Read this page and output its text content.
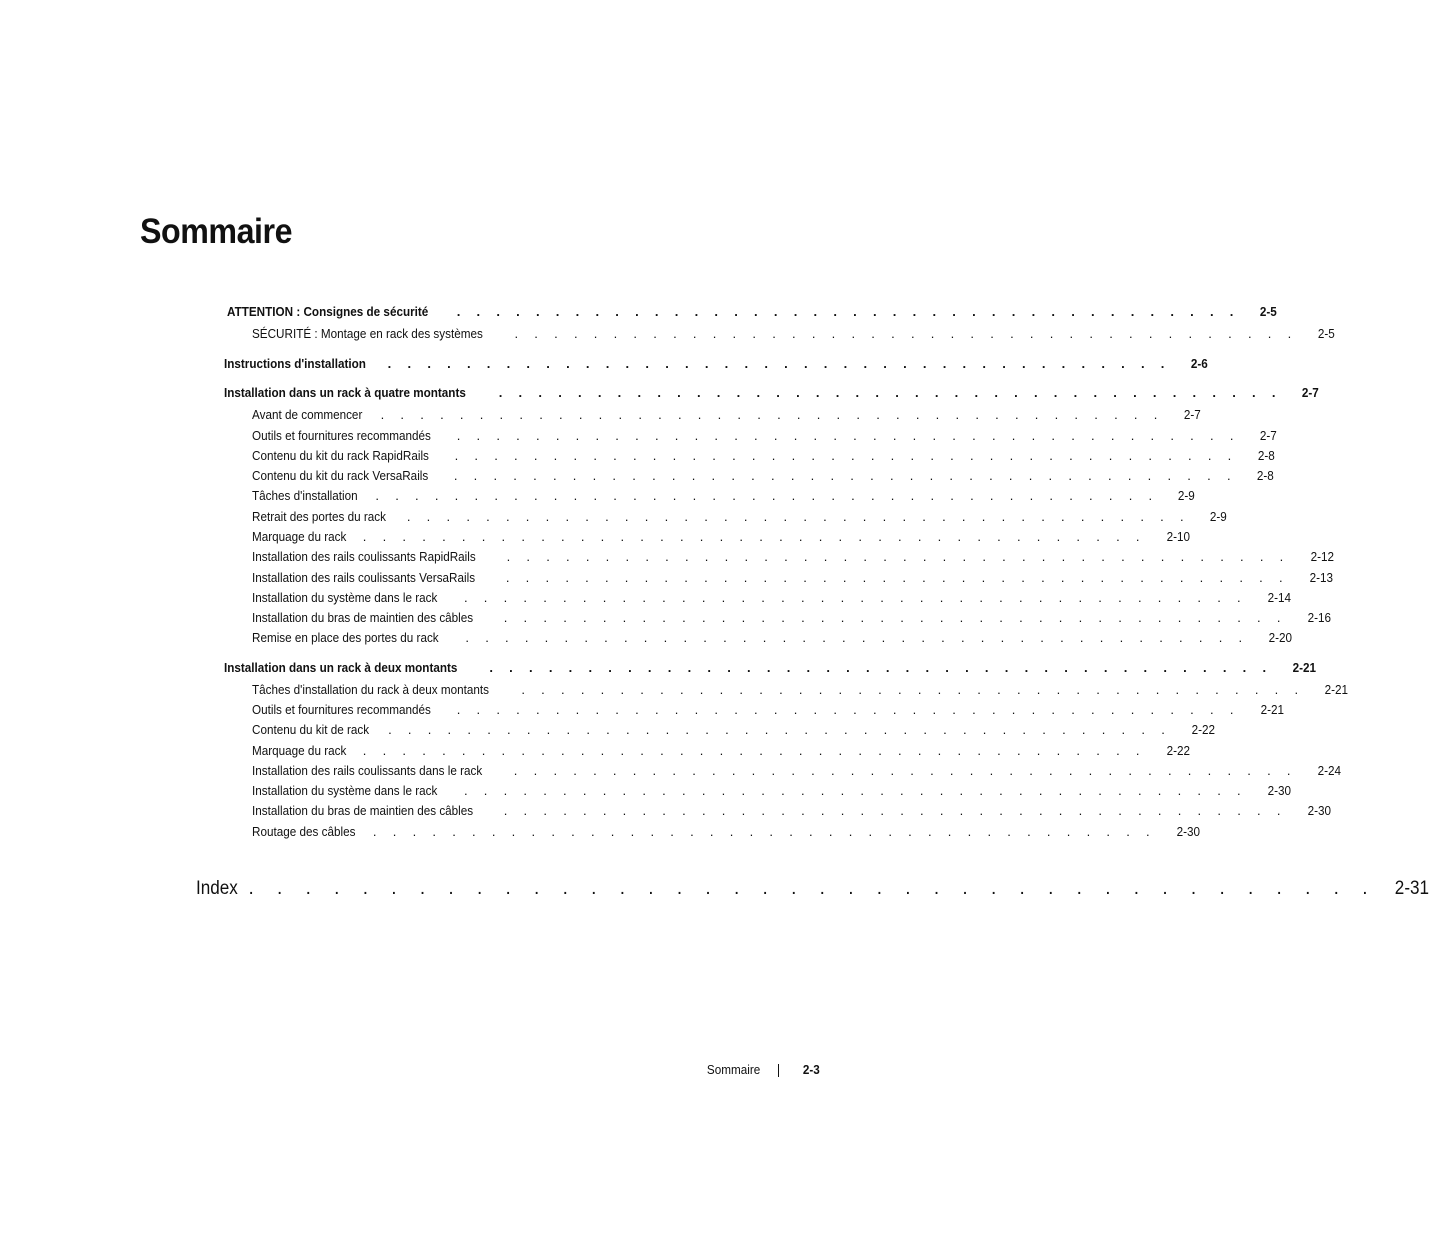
Sommaire
ATTENTION : Consignes de sécurité . . . . . . . . . . . . . . . . . . . . . . . . . . . . . . . . . . . . . . . . 2-5
SÉCURITÉ : Montage en rack des systèmes . . . . . . . . . . . . . . . . . . . . . . . . . . . . . . . . . . . . . . . . 2-5
Instructions d'installation . . . . . . . . . . . . . . . . . . . . . . . . . . . . . . . . . . . . . . . . 2-6
Installation dans un rack à quatre montants	. . . . . . . . . . . . . . . . . . . . . . . . . . . . . . . . . . . . . . . . 2-7
Avant de commencer . . . . . . . . . . . . . . . . . . . . . . . . . . . . . . . . . . . . . . . . 2-7
Outils et fournitures recommandés . . . . . . . . . . . . . . . . . . . . . . . . . . . . . . . . . . . . . . . . 2-7
Contenu du kit du rack RapidRails . . . . . . . . . . . . . . . . . . . . . . . . . . . . . . . . . . . . . . . . 2-8
Contenu du kit du rack VersaRails . . . . . . . . . . . . . . . . . . . . . . . . . . . . . . . . . . . . . . . . 2-8
Tâches d'installation . . . . . . . . . . . . . . . . . . . . . . . . . . . . . . . . . . . . . . . . 2-9
Retrait des portes du rack . . . . . . . . . . . . . . . . . . . . . . . . . . . . . . . . . . . . . . . . 2-9
Marquage du rack . . . . . . . . . . . . . . . . . . . . . . . . . . . . . . . . . . . . . . . . 2-10
Installation des rails coulissants RapidRails . . . . . . . . . . . . . . . . . . . . . . . . . . . . . . . . . . . . . . . . 2-12
Installation des rails coulissants VersaRails . . . . . . . . . . . . . . . . . . . . . . . . . . . . . . . . . . . . . . . . 2-13
Installation du système dans le rack . . . . . . . . . . . . . . . . . . . . . . . . . . . . . . . . . . . . . . . . 2-14
Installation du bras de maintien des câbles . . . . . . . . . . . . . . . . . . . . . . . . . . . . . . . . . . . . . . . . 2-16
Remise en place des portes du rack . . . . . . . . . . . . . . . . . . . . . . . . . . . . . . . . . . . . . . . . 2-20
Installation dans un rack à deux montants . . . . . . . . . . . . . . . . . . . . . . . . . . . . . . . . . . . . . . . . 2-21
Tâches d'installation du rack à deux montants . . . . . . . . . . . . . . . . . . . . . . . . . . . . . . . . . . . . . . . . 2-21
Outils et fournitures recommandés . . . . . . . . . . . . . . . . . . . . . . . . . . . . . . . . . . . . . . . . 2-21
Contenu du kit de rack . . . . . . . . . . . . . . . . . . . . . . . . . . . . . . . . . . . . . . . . 2-22
Marquage du rack . . . . . . . . . . . . . . . . . . . . . . . . . . . . . . . . . . . . . . . . 2-22
Installation des rails coulissants dans le rack . . . . . . . . . . . . . . . . . . . . . . . . . . . . . . . . . . . . . . . . 2-24
Installation du système dans le rack . . . . . . . . . . . . . . . . . . . . . . . . . . . . . . . . . . . . . . . . 2-30
Installation du bras de maintien des câbles . . . . . . . . . . . . . . . . . . . . . . . . . . . . . . . . . . . . . . . . 2-30
Routage des câbles . . . . . . . . . . . . . . . . . . . . . . . . . . . . . . . . . . . . . . . . 2-30
Index . . . . . . . . . . . . . . . . . . . . . . . . . . . . . . . . . . . . . . . . 2-31
Sommaire	2-3
